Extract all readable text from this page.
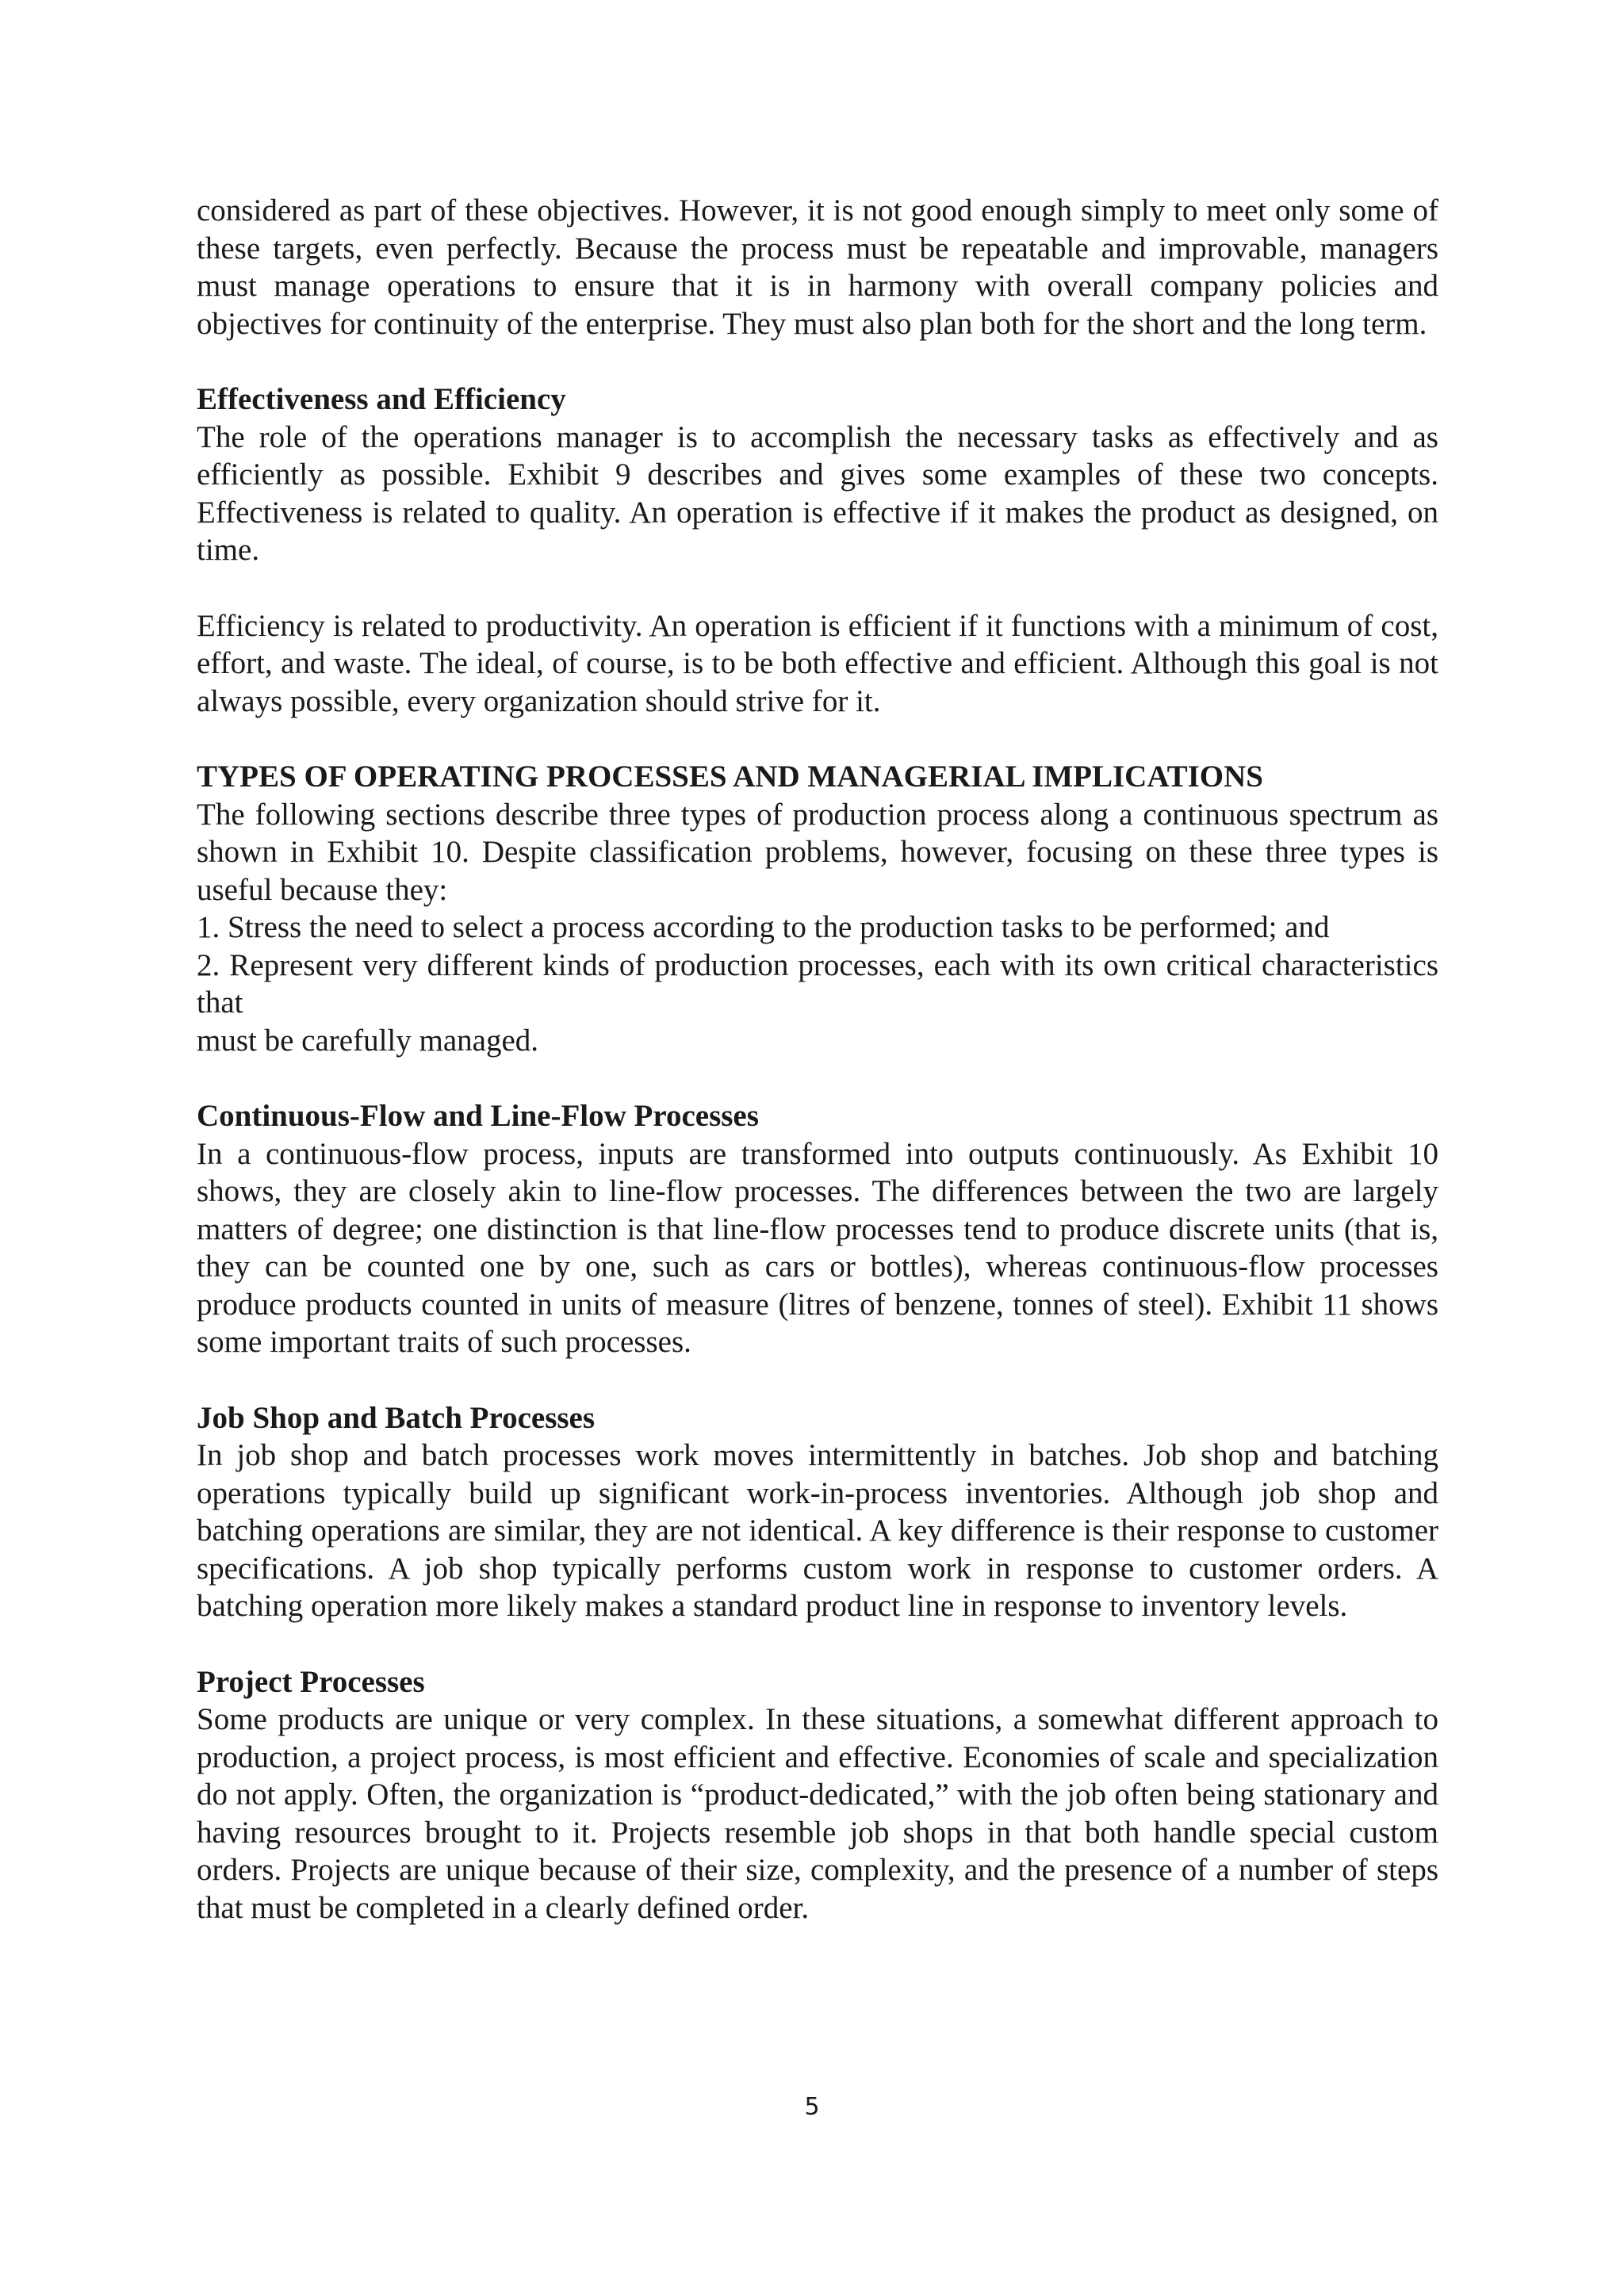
considered as part of these objectives. However, it is not good enough simply to meet only some of these targets, even perfectly. Because the process must be repeatable and improvable, managers must manage operations to ensure that it is in harmony with overall company policies and objectives for continuity of the enterprise. They must also plan both for the short and the long term.

Effectiveness and Efficiency

The role of the operations manager is to accomplish the necessary tasks as effectively and as efficiently as possible. Exhibit 9 describes and gives some examples of these two concepts. Effectiveness is related to quality. An operation is effective if it makes the product as designed, on time.

Efficiency is related to productivity. An operation is efficient if it functions with a minimum of cost, effort, and waste. The ideal, of course, is to be both effective and efficient. Although this goal is not always possible, every organization should strive for it.

TYPES OF OPERATING PROCESSES AND MANAGERIAL IMPLICATIONS

The following sections describe three types of production process along a continuous spectrum as shown in Exhibit 10. Despite classification problems, however, focusing on these three types is useful because they:

1. Stress the need to select a process according to the production tasks to be performed; and

2. Represent very different kinds of production processes, each with its own critical characteristics that

must be carefully managed.

Continuous-Flow and Line-Flow Processes

In a continuous-flow process, inputs are transformed into outputs continuously. As Exhibit 10 shows, they are closely akin to line-flow processes. The differences between the two are largely matters of degree; one distinction is that line-flow processes tend to produce discrete units (that is, they can be counted one by one, such as cars or bottles), whereas continuous-flow processes produce products counted in units of measure (litres of benzene, tonnes of steel). Exhibit 11 shows some important traits of such processes.

Job Shop and Batch Processes

In job shop and batch processes work moves intermittently in batches. Job shop and batching operations typically build up significant work-in-process inventories. Although job shop and batching operations are similar, they are not identical. A key difference is their response to customer specifications. A job shop typically performs custom work in response to customer orders. A batching operation more likely makes a standard product line in response to inventory levels.

Project Processes

Some products are unique or very complex. In these situations, a somewhat different approach to production, a project process, is most efficient and effective. Economies of scale and specialization do not apply. Often, the organization is “product-dedicated,” with the job often being stationary and having resources brought to it. Projects resemble job shops in that both handle special custom orders. Projects are unique because of their size, complexity, and the presence of a number of steps that must be completed in a clearly defined order.

5
